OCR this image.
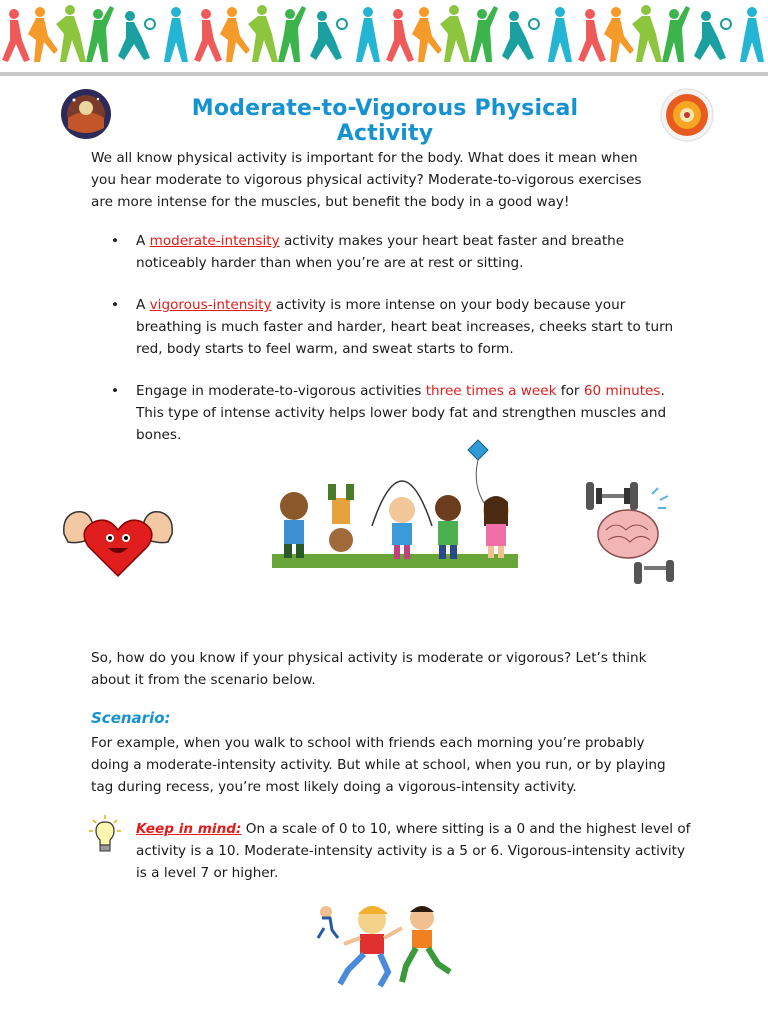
Moderate-to-Vigorous Physical Activity
We all know physical activity is important for the body. What does it mean when
you hear moderate to vigorous physical activity? Moderate-to-vigorous exercises
are more intense for the muscles, but benefit the body in a good way!
• A moderate-intensity activity makes your heart beat faster and breathe noticeably harder than when you’re are at rest or sitting.
• A vigorous-intensity activity is more intense on your body because your breathing is much faster and harder, heart beat increases, cheeks start to turn red, body starts to feel warm, and sweat starts to form.
• Engage in moderate-to-vigorous activities three times a week for 60 minutes. This type of intense activity helps lower body fat and strengthen muscles and bones.
So, how do you know if your physical activity is moderate or vigorous? Let’s think
about it from the scenario below.
Scenario:
For example, when you walk to school with friends each morning you’re probably
doing a moderate-intensity activity. But while at school, when you run, or by playing
tag during recess, you’re most likely doing a vigorous-intensity activity.
Keep in mind: On a scale of 0 to 10, where sitting is a 0 and the highest level of activity is a 10. Moderate-intensity activity is a 5 or 6. Vigorous-intensity activity is a level 7 or higher.
